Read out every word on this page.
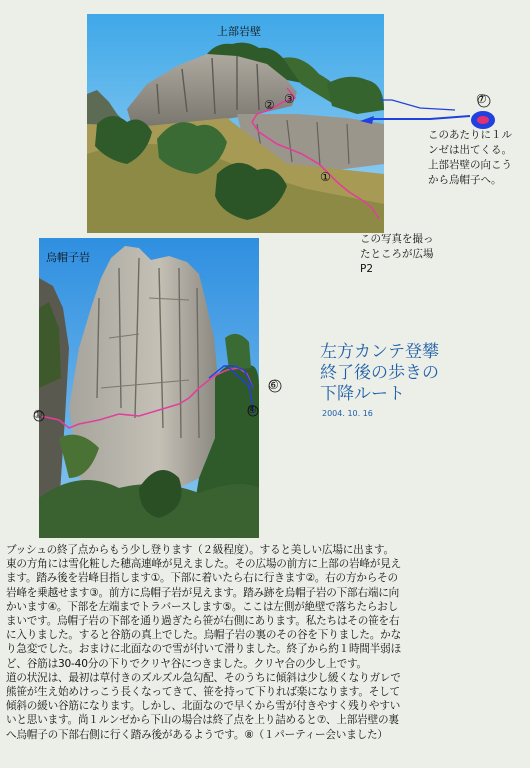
上部岩壁
② ③
①
烏帽子岩
⑦
①	④
⑥
このあたりに１ル
ンゼは出てくる。
上部岩壁の向こう
から烏帽子へ。
この写真を撮っ
たところが広場
P2
左方カンテ登攀
終了後の歩きの
下降ルート
2004. 10. 16

ブッシュの終了点からもう少し登ります（２級程度）。すると美しい広場に出ます。

東の方角には雪化粧した穂高連峰が見えました。その広場の前方に上部の岩峰が見え

ます。踏み後を岩峰目指します①。下部に着いたら右に行きます②。右の方からその

岩峰を乗越せます③。前方に烏帽子岩が見えます。踏み跡を烏帽子岩の下部右端に向

かいます④。下部を左端までトラバースします⑤。ここは左側が絶壁で落ちたらおし

まいです。烏帽子岩の下部を通り過ぎたら笹が右側にあります。私たちはその笹を右

に入りました。すると谷筋の真上でした。烏帽子岩の裏のその谷を下りました。かな

り急変でした。おまけに北面なので雪が付いて滑りました。終了から約１時間半弱ほ

ど、谷筋は30-40分の下りでクリヤ谷につきました。クリヤ合の少し上です。

道の状況は、最初は草付きのズルズル急勾配、そのうちに傾斜は少し緩くなりガレで

熊笹が生え始めけっこう長くなってきて、笹を持って下りれば楽になります。そして

傾斜の緩い谷筋になります。しかし、北面なので早くから雪が付きやすく残りやすい

いと思います。尚１ルンゼから下山の場合は終了点を上り詰めると⑦、上部岩壁の裏

へ烏帽子の下部右側に行く踏み後があるようです。⑧（１パーティー会いました）
